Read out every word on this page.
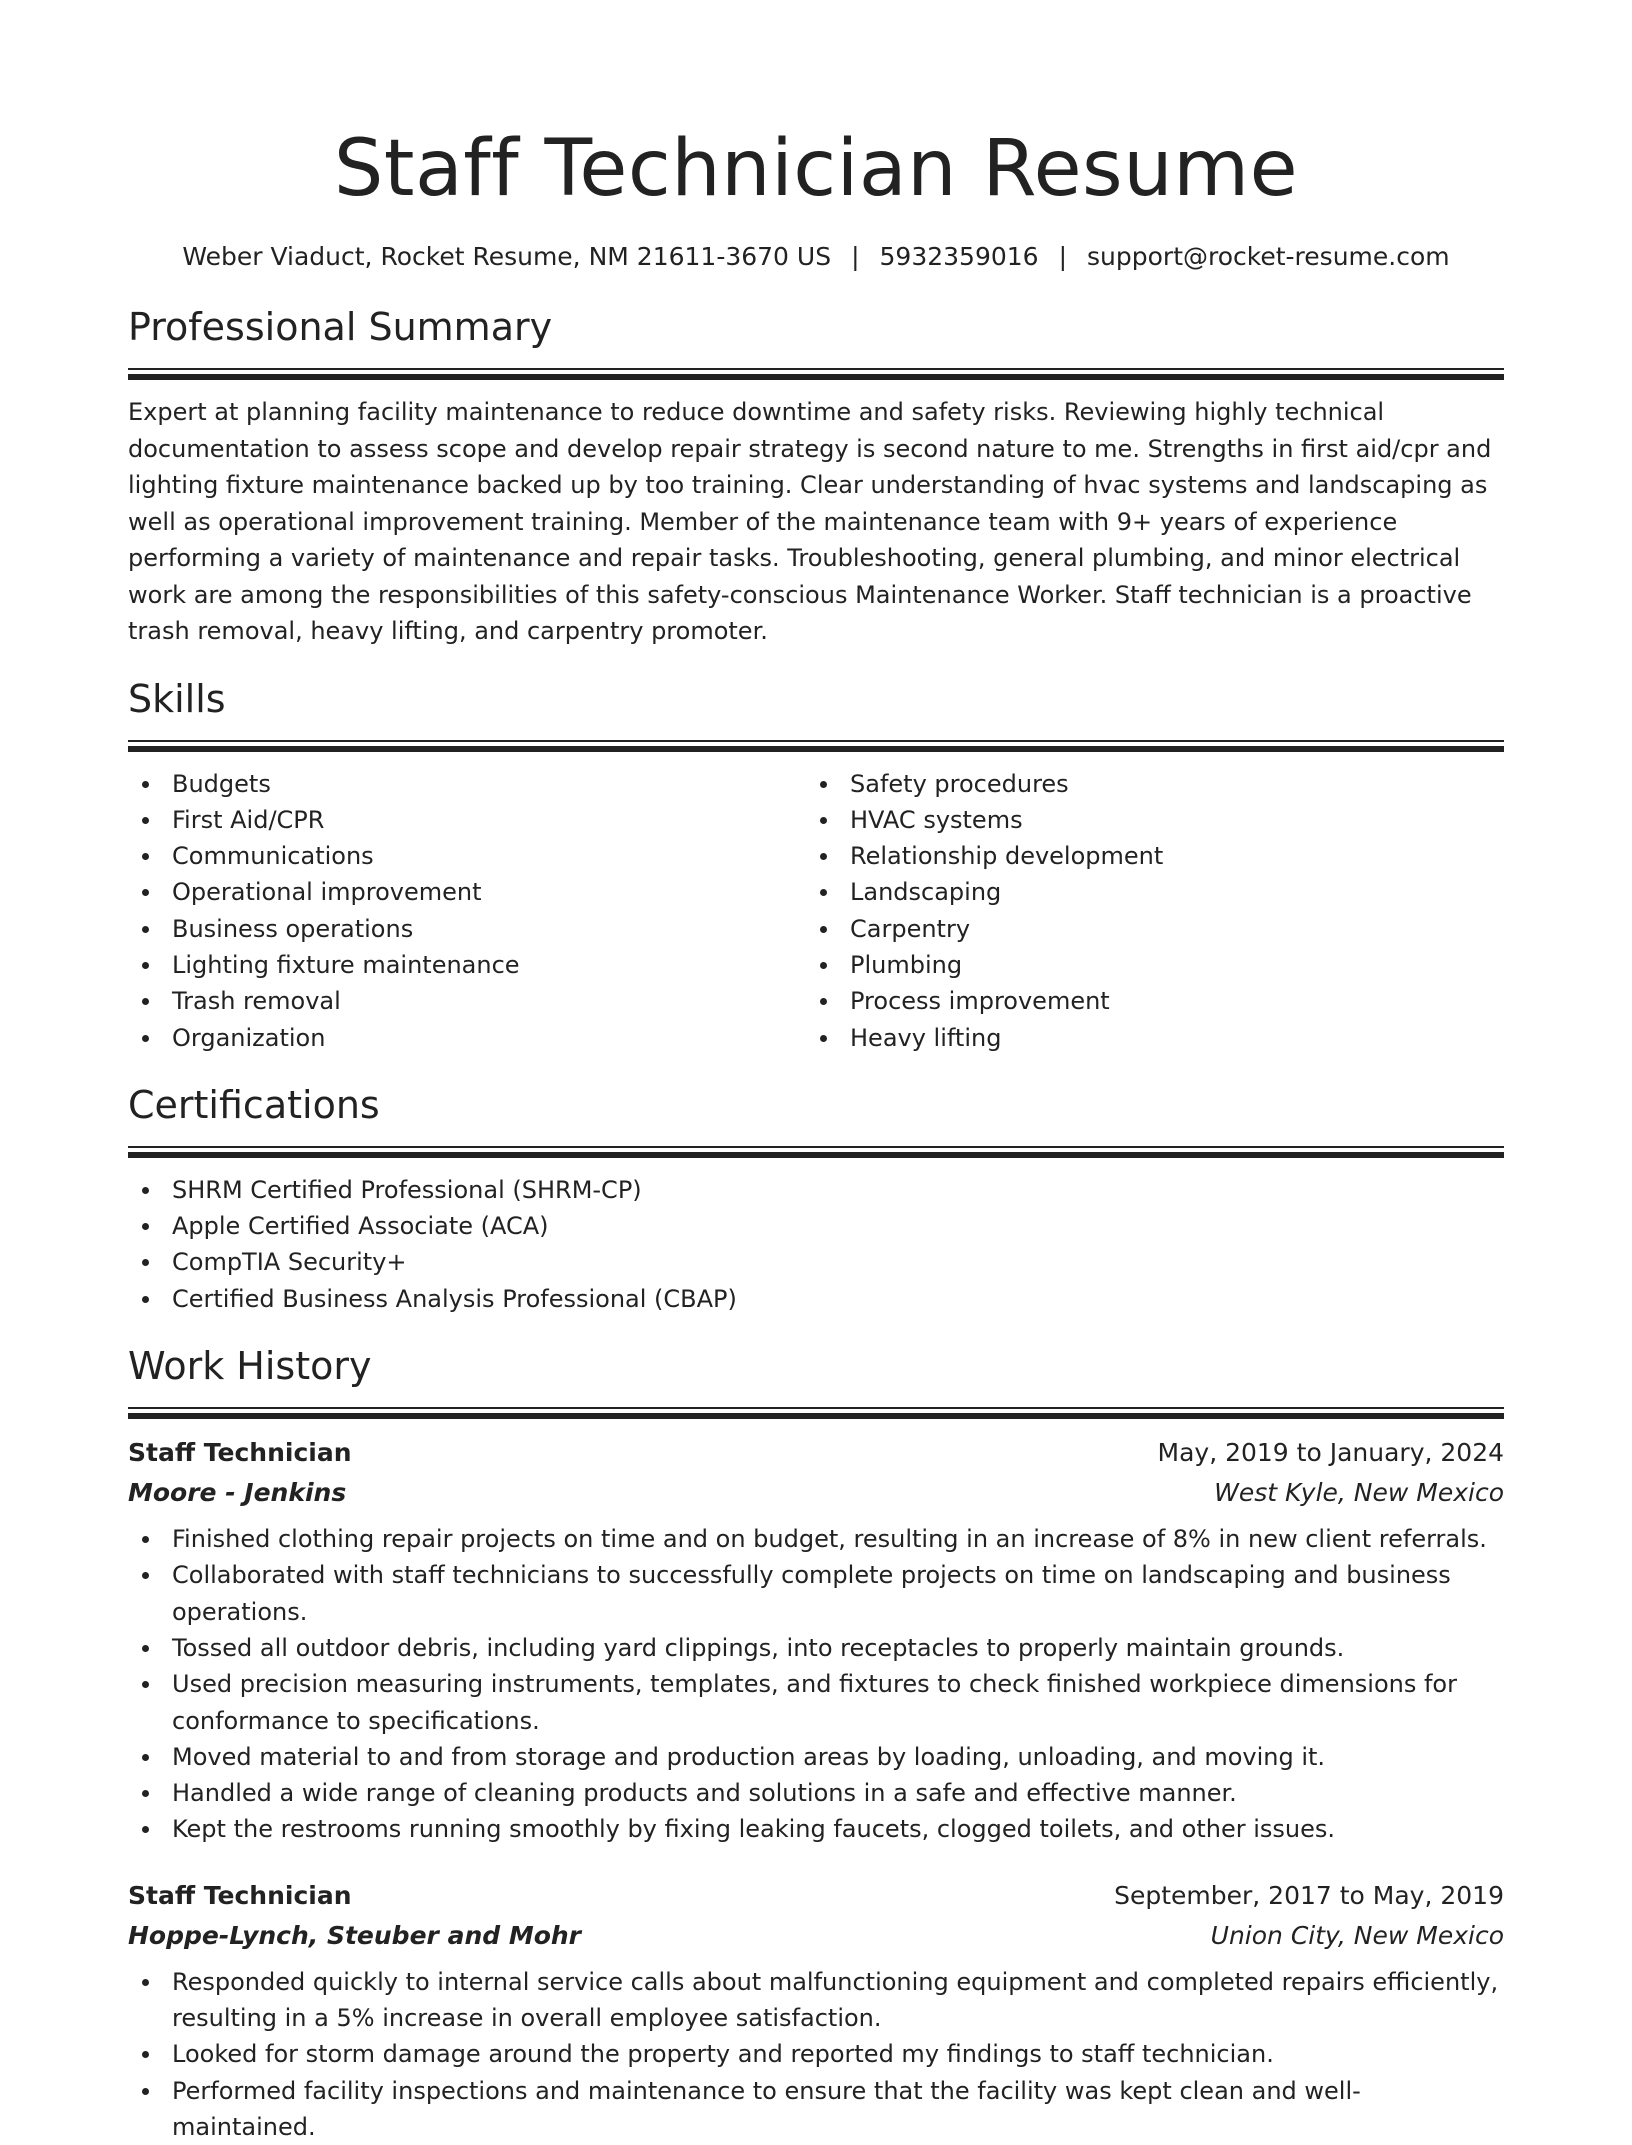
Staff Technician Resume
Weber Viaduct, Rocket Resume, NM 21611-3670 US | 5932359016 | support@rocket-resume.com
Professional Summary

Expert at planning facility maintenance to reduce downtime and safety risks. Reviewing highly technical documentation to assess scope and develop repair strategy is second nature to me. Strengths in first aid/cpr and lighting fixture maintenance backed up by too training. Clear understanding of hvac systems and landscaping as well as operational improvement training. Member of the maintenance team with 9+ years of experience performing a variety of maintenance and repair tasks. Troubleshooting, general plumbing, and minor electrical work are among the responsibilities of this safety-conscious Maintenance Worker. Staff technician is a proactive trash removal, heavy lifting, and carpentry promoter.

Skills
Budgets
First Aid/CPR
Communications
Operational improvement
Business operations
Lighting fixture maintenance
Trash removal
Organization
Safety procedures
HVAC systems
Relationship development
Landscaping
Carpentry
Plumbing
Process improvement
Heavy lifting
Certifications
SHRM Certified Professional (SHRM-CP)
Apple Certified Associate (ACA)
CompTIA Security+
Certified Business Analysis Professional (CBAP)
Work History
Staff Technician	May, 2019 to January, 2024
Moore - Jenkins	West Kyle, New Mexico
Finished clothing repair projects on time and on budget, resulting in an increase of 8% in new client referrals.
Collaborated with staff technicians to successfully complete projects on time on landscaping and business operations.
Tossed all outdoor debris, including yard clippings, into receptacles to properly maintain grounds.
Used precision measuring instruments, templates, and fixtures to check finished workpiece dimensions for conformance to specifications.
Moved material to and from storage and production areas by loading, unloading, and moving it.
Handled a wide range of cleaning products and solutions in a safe and effective manner.
Kept the restrooms running smoothly by fixing leaking faucets, clogged toilets, and other issues.
Staff Technician	September, 2017 to May, 2019
Hoppe-Lynch, Steuber and Mohr	Union City, New Mexico
Responded quickly to internal service calls about malfunctioning equipment and completed repairs efficiently, resulting in a 5% increase in overall employee satisfaction.
Looked for storm damage around the property and reported my findings to staff technician.
Performed facility inspections and maintenance to ensure that the facility was kept clean and well-maintained.
